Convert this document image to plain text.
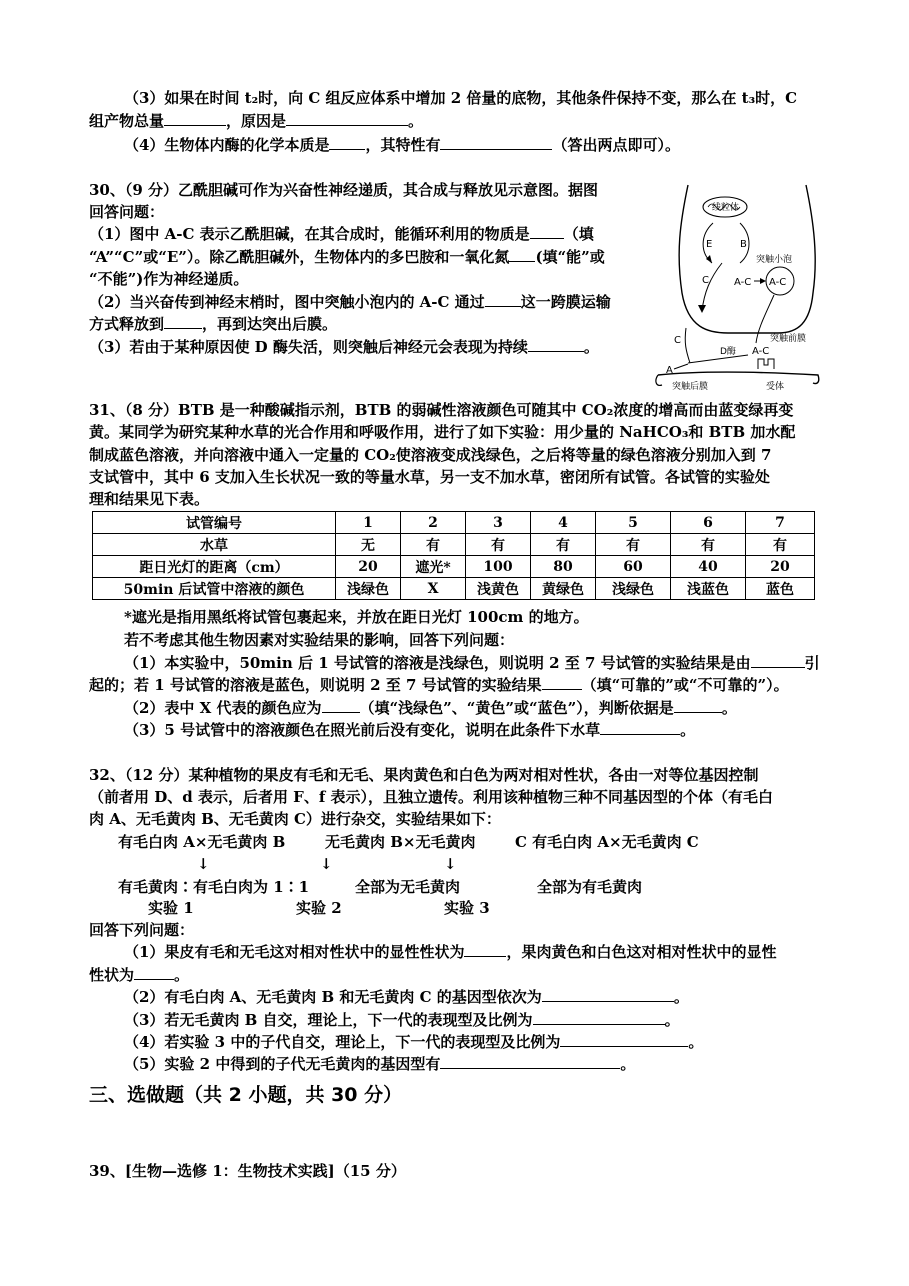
（3）如果在时间 t₂时，向 C 组反应体系中增加 2 倍量的底物，其他条件保持不变，那么在 t₃时，C
组产物总量	，原因是	。
（4）生物体内酶的化学本质是 ，其特性有	（答出两点即可）。
30、（9 分）乙酰胆碱可作为兴奋性神经递质，其合成与释放见示意图。据图
回答问题：
（1）图中 A-C 表示乙酰胆碱，在其合成时，能循环利用的物质是 （填
“A”“C”或“E”）。除乙酰胆碱外，生物体内的多巴胺和一氧化氮 (填“能”或
“不能”)作为神经递质。
（2）当兴奋传到神经末梢时，图中突触小泡内的 A-C 通过 这一跨膜运输
方式释放到	，再到达突出后膜。
（3）若由于某种原因使 D 酶失活，则突触后神经元会表现为持续	。
线粒体
E	B
C	A-C A-C
突触小泡
A-C
突触前膜
C
D酶
A
突触后膜	受体
31、（8 分）BTB 是一种酸碱指示剂，BTB 的弱碱性溶液颜色可随其中 CO₂浓度的增高而由蓝变绿再变
黄。某同学为研究某种水草的光合作用和呼吸作用，进行了如下实验：用少量的 NaHCO₃和 BTB 加水配
制成蓝色溶液，并向溶液中通入一定量的 CO₂使溶液变成浅绿色，之后将等量的绿色溶液分别加入到 7
支试管中，其中 6 支加入生长状况一致的等量水草，另一支不加水草，密闭所有试管。各试管的实验处
理和结果见下表。
试管编号	1	2	3	4	5	6	7
水草	无	有	有	有	有	有	有
距日光灯的距离（cm）	20	遮光*	100	80	60	40	20
50min 后试管中溶液的颜色	浅绿色	X	浅黄色	黄绿色	浅绿色	浅蓝色	蓝色
*遮光是指用黑纸将试管包裹起来，并放在距日光灯 100cm 的地方。
若不考虑其他生物因素对实验结果的影响，回答下列问题：
（1）本实验中，50min 后 1 号试管的溶液是浅绿色，则说明 2 至 7 号试管的实验结果是由	引
起的；若 1 号试管的溶液是蓝色，则说明 2 至 7 号试管的实验结果	（填“可靠的”或“不可靠的”）。
（2）表中 X 代表的颜色应为	（填“浅绿色”、“黄色”或“蓝色”），判断依据是	。
（3）5 号试管中的溶液颜色在照光前后没有变化，说明在此条件下水草	。
32、（12 分）某种植物的果皮有毛和无毛、果肉黄色和白色为两对相对性状，各由一对等位基因控制
（前者用 D、d 表示，后者用 F、f 表示），且独立遗传。利用该种植物三种不同基因型的个体（有毛白
肉 A、无毛黄肉 B、无毛黄肉 C）进行杂交，实验结果如下：
有毛白肉 A×无毛黄肉 B	无毛黄肉 B×无毛黄肉	C 有毛白肉 A×无毛黄肉 C
↓	↓	↓
有毛黄肉∶有毛白肉为 1∶1	全部为无毛黄肉	全部为有毛黄肉
实验 1	实验 2	实验 3
回答下列问题：
（1）果皮有毛和无毛这对相对性状中的显性性状为	，果肉黄色和白色这对相对性状中的显性
性状为	。
（2）有毛白肉 A、无毛黄肉 B 和无毛黄肉 C 的基因型依次为	。
（3）若无毛黄肉 B 自交，理论上，下一代的表现型及比例为	。
（4）若实验 3 中的子代自交，理论上，下一代的表现型及比例为	。
（5）实验 2 中得到的子代无毛黄肉的基因型有	。
三、选做题（共 2 小题，共 30 分）
39、[生物—选修 1：生物技术实践]（15 分）
